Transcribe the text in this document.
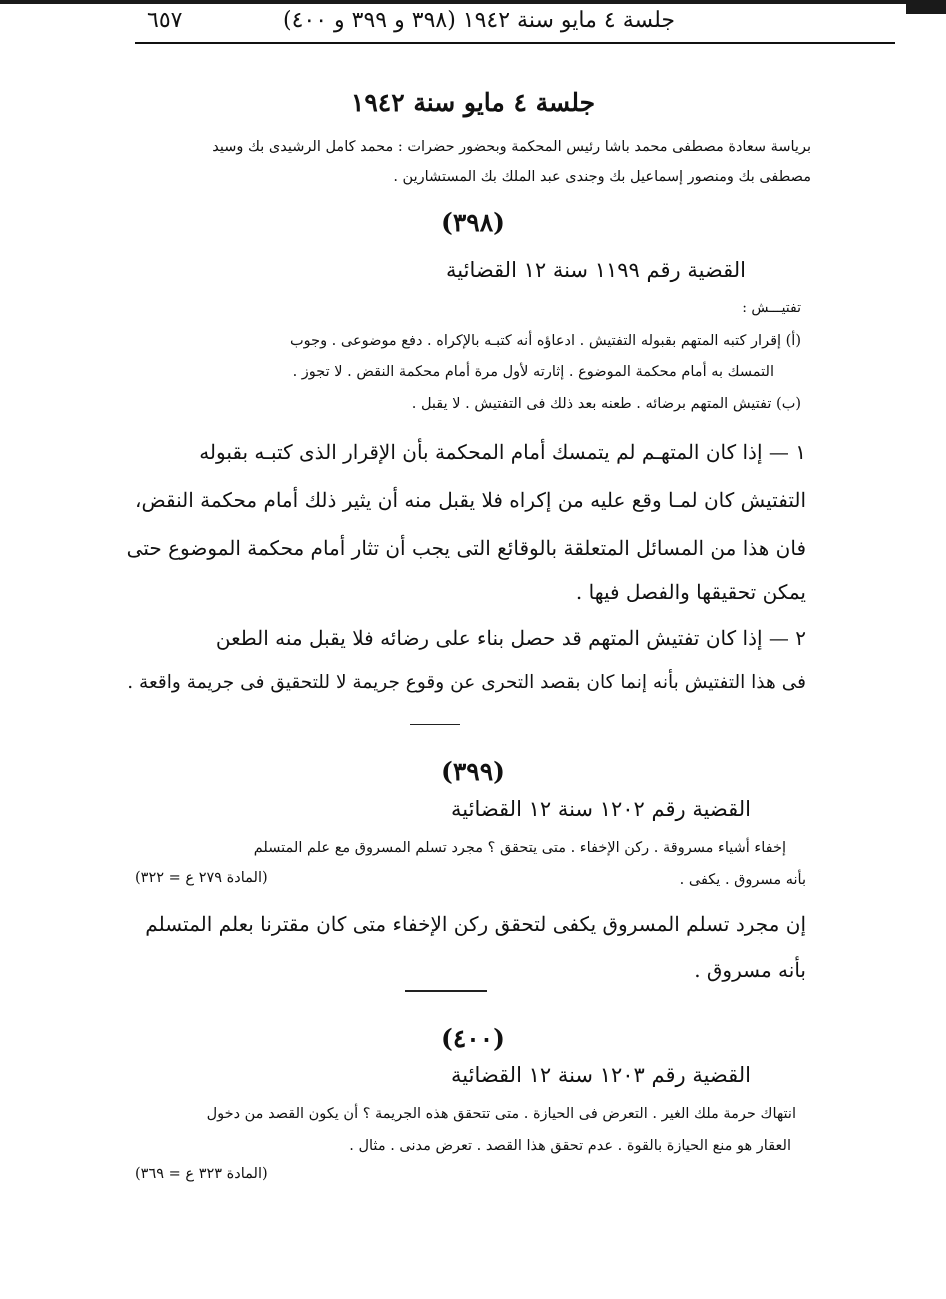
٦٥٧	جلسة ٤ مايو سنة ١٩٤٢ (٣٩٨ و ٣٩٩ و ٤٠٠)
جلسة ٤ مايو سنة ١٩٤٢
برياسة سعادة مصطفى محمد باشا رئيس المحكمة وبحضور حضرات : محمد كامل الرشيدى بك وسيد
مصطفى بك ومنصور إسماعيل بك وجندى عبد الملك بك المستشارين .
(٣٩٨)
القضية رقم ١١٩٩ سنة ١٢ القضائية
تفتيـــش :
(أ) إقرار كتبه المتهم بقبوله التفتيش . ادعاؤه أنه كتبـه بالإكراه . دفع موضوعى . وجوب
التمسك به أمام محكمة الموضوع . إثارته لأول مرة أمام محكمة النقض . لا تجوز .
(ب) تفتيش المتهم برضائه . طعنه بعد ذلك فى التفتيش . لا يقبل .
١ — إذا كان المتهـم لم يتمسك أمام المحكمة بأن الإقرار الذى كتبـه بقبوله
التفتيش كان لمـا وقع عليه من إكراه فلا يقبل منه أن يثير ذلك أمام محكمة النقض،
فان هذا من المسائل المتعلقة بالوقائع التى يجب أن تثار أمام محكمة الموضوع حتى
يمكن تحقيقها والفصل فيها .
٢ — إذا كان تفتيش المتهم قد حصل بناء على رضائه فلا يقبل منه الطعن
فى هذا التفتيش بأنه إنما كان بقصد التحرى عن وقوع جريمة لا للتحقيق فى جريمة واقعة .
(٣٩٩)
القضية رقم ١٢٠٢ سنة ١٢ القضائية
إخفاء أشياء مسروقة . ركن الإخفاء . متى يتحقق ؟ مجرد تسلم المسروق مع علم المتسلم
بأنه مسروق . يكفى .
(المادة ٢٧٩ ع = ٣٢٢)
إن مجرد تسلم المسروق يكفى لتحقق ركن الإخفاء متى كان مقترنا بعلم المتسلم
بأنه مسروق .
(٤٠٠)
القضية رقم ١٢٠٣ سنة ١٢ القضائية
انتهاك حرمة ملك الغير . التعرض فى الحيازة . متى تتحقق هذه الجريمة ؟ أن يكون القصد من دخول
العقار هو منع الحيازة بالقوة . عدم تحقق هذا القصد . تعرض مدنى . مثال .
(المادة ٣٢٣ ع = ٣٦٩)
